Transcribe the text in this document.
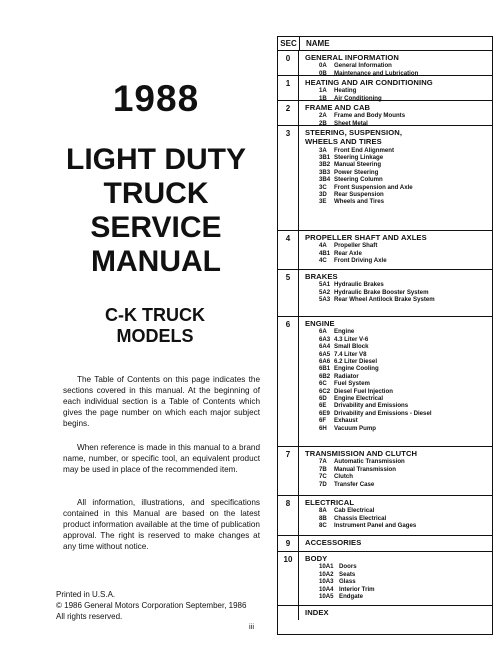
1988
LIGHT DUTY
TRUCK
SERVICE
MANUAL
C-K TRUCK
MODELS
The Table of Contents on this page indicates the sections covered in this manual. At the beginning of each individual section is a Table of Contents which gives the page number on which each major subject begins.
When reference is made in this manual to a brand name, number, or specific tool, an equivalent product may be used in place of the recommended item.
All information, illustrations, and specifications contained in this Manual are based on the latest product information available at the time of publication approval. The right is reserved to make changes at any time without notice.
Printed in U.S.A.
© 1986 General Motors Corporation September, 1986
All rights reserved.
iii
SEC	NAME
0	GENERAL INFORMATION
0A	General Information
0B	Maintenance and Lubrication
1	HEATING AND AIR CONDITIONING
1A	Heating
1B	Air Conditioning
2	FRAME AND CAB
2A	Frame and Body Mounts
2B	Sheet Metal
3	STEERING, SUSPENSION,
WHEELS AND TIRES
3A	Front End Alignment
3B1 Steering Linkage
3B2 Manual Steering
3B3 Power Steering
3B4 Steering Column
3C	Front Suspension and Axle
3D	Rear Suspension
3E	Wheels and Tires
4	PROPELLER SHAFT AND AXLES
4A	Propeller Shaft
4B1 Rear Axle
4C	Front Driving Axle
5	BRAKES
5A1 Hydraulic Brakes
5A2 Hydraulic Brake Booster System
5A3 Rear Wheel Antilock Brake System
6	ENGINE
6A	Engine
6A3 4.3 Liter V-6
6A4 Small Block
6A5 7.4 Liter V8
6A6 6.2 Liter Diesel
6B1 Engine Cooling
6B2 Radiator
6C	Fuel System
6C2 Diesel Fuel Injection
6D	Engine Electrical
6E	Drivability and Emissions
6E9 Drivability and Emissions - Diesel
6F	Exhaust
6H	Vacuum Pump
7	TRANSMISSION AND CLUTCH
7A	Automatic Transmission
7B	Manual Transmission
7C	Clutch
7D	Transfer Case
8	ELECTRICAL
8A	Cab Electrical
8B	Chassis Electrical
8C	Instrument Panel and Gages
9	ACCESSORIES
10	BODY
10A1 Doors
10A2 Seats
10A3 Glass
10A4 Interior Trim
10A5 Endgate
INDEX
